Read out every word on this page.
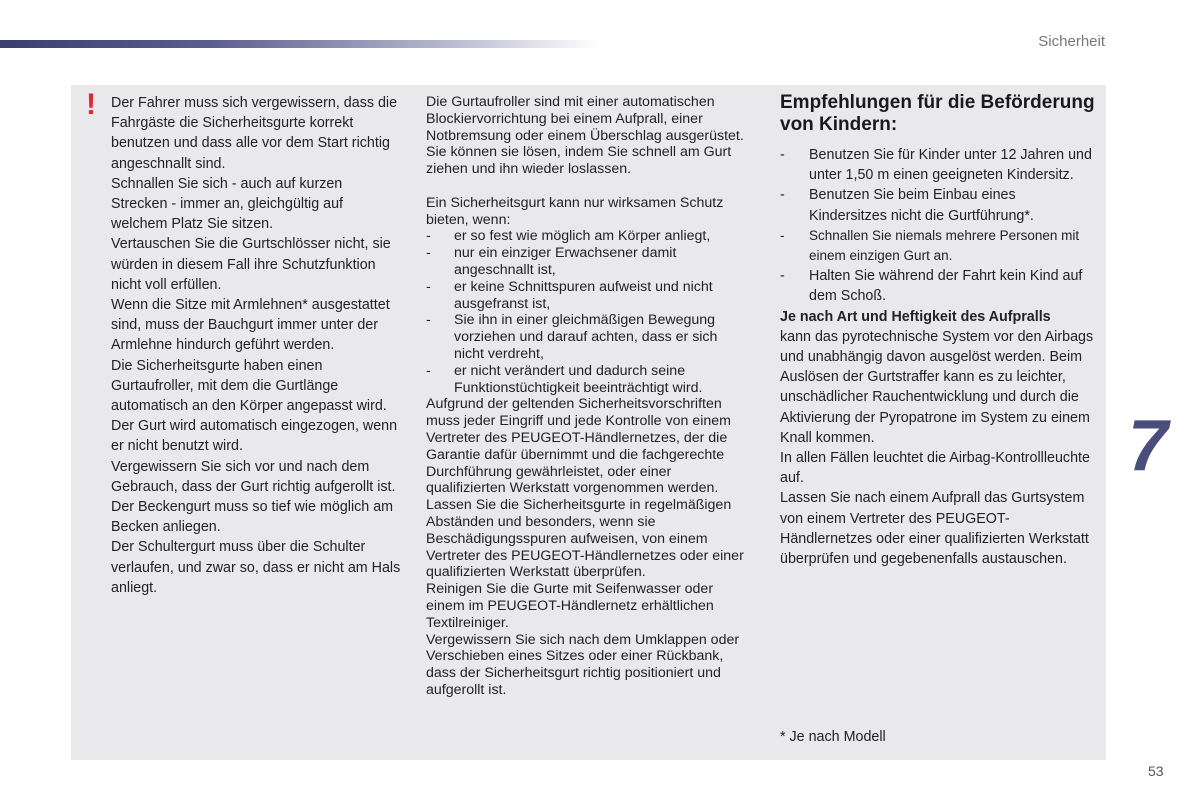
Sicherheit
! Der Fahrer muss sich vergewissern, dass die Fahrgäste die Sicherheitsgurte korrekt benutzen und dass alle vor dem Start richtig angeschnallt sind.

Schnallen Sie sich - auch auf kurzen Strecken - immer an, gleichgültig auf welchem Platz Sie sitzen.

Vertauschen Sie die Gurtschlösser nicht, sie würden in diesem Fall ihre Schutzfunktion nicht voll erfüllen.

Wenn die Sitze mit Armlehnen* ausgestattet sind, muss der Bauchgurt immer unter der Armlehne hindurch geführt werden.

Die Sicherheitsgurte haben einen Gurtaufroller, mit dem die Gurtlänge automatisch an den Körper angepasst wird. Der Gurt wird automatisch eingezogen, wenn er nicht benutzt wird.

Vergewissern Sie sich vor und nach dem Gebrauch, dass der Gurt richtig aufgerollt ist.

Der Beckengurt muss so tief wie möglich am Becken anliegen.

Der Schultergurt muss über die Schulter verlaufen, und zwar so, dass er nicht am Hals anliegt.

Die Gurtaufroller sind mit einer automatischen Blockiervorrichtung bei einem Aufprall, einer Notbremsung oder einem Überschlag ausgerüstet. Sie können sie lösen, indem Sie schnell am Gurt ziehen und ihn wieder loslassen.

Ein Sicherheitsgurt kann nur wirksamen Schutz bieten, wenn:

- er so fest wie möglich am Körper anliegt,
- nur ein einziger Erwachsener damit angeschnallt ist,
- er keine Schnittspuren aufweist und nicht ausgefranst ist,
- Sie ihn in einer gleichmäßigen Bewegung vorziehen und darauf achten, dass er sich nicht verdreht,
- er nicht verändert und dadurch seine Funktionstüchtigkeit beeinträchtigt wird.

Aufgrund der geltenden Sicherheitsvorschriften muss jeder Eingriff und jede Kontrolle von einem Vertreter des PEUGEOT-Händlernetzes, der die Garantie dafür übernimmt und die fachgerechte Durchführung gewährleistet, oder einer qualifizierten Werkstatt vorgenommen werden.

Lassen Sie die Sicherheitsgurte in regelmäßigen Abständen und besonders, wenn sie Beschädigungsspuren aufweisen, von einem Vertreter des PEUGEOT-Händlernetzes oder einer qualifizierten Werkstatt überprüfen.

Reinigen Sie die Gurte mit Seifenwasser oder einem im PEUGEOT-Händlernetz erhältlichen Textilreiniger.

Vergewissern Sie sich nach dem Umklappen oder Verschieben eines Sitzes oder einer Rückbank, dass der Sicherheitsgurt richtig positioniert und aufgerollt ist.

Empfehlungen für die Beförderung von Kindern:
- Benutzen Sie für Kinder unter 12 Jahren und unter 1,50 m einen geeigneten Kindersitz.
- Benutzen Sie beim Einbau eines Kindersitzes nicht die Gurtführung*.
- Schnallen Sie niemals mehrere Personen mit einem einzigen Gurt an.
- Halten Sie während der Fahrt kein Kind auf dem Schoß.

Je nach Art und Heftigkeit des Aufpralls

kann das pyrotechnische System vor den Airbags und unabhängig davon ausgelöst werden. Beim Auslösen der Gurtstraffer kann es zu leichter, unschädlicher Rauchentwicklung und durch die Aktivierung der Pyropatrone im System zu einem Knall kommen.

In allen Fällen leuchtet die Airbag-Kontrollleuchte auf.

Lassen Sie nach einem Aufprall das Gurtsystem von einem Vertreter des PEUGEOT-Händlernetzes oder einer qualifizierten Werkstatt überprüfen und gegebenenfalls austauschen.

* Je nach Modell
7
53
